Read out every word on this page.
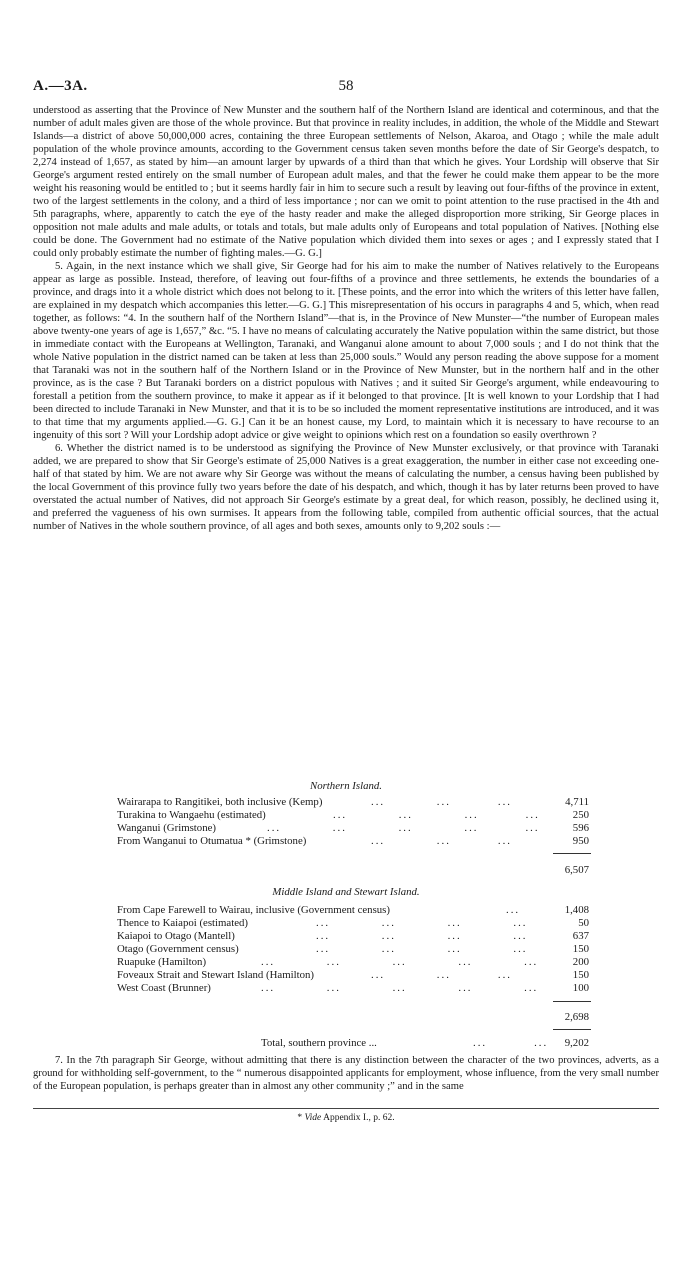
A.—3A.	58

understood as asserting that the Province of New Munster and the southern half of the Northern Island are identical and coterminous, and that the number of adult males given are those of the whole province. But that province in reality includes, in addition, the whole of the Middle and Stewart Islands—a district of above 50,000,000 acres, containing the three European settlements of Nelson, Akaroa, and Otago ; while the male adult population of the whole province amounts, according to the Government census taken seven months before the date of Sir George's despatch, to 2,274 instead of 1,657, as stated by him—an amount larger by upwards of a third than that which he gives. Your Lordship will observe that Sir George's argument rested entirely on the small number of European adult males, and that the fewer he could make them appear to be the more weight his reasoning would be entitled to ; but it seems hardly fair in him to secure such a result by leaving out four-fifths of the province in extent, two of the largest settlements in the colony, and a third of less importance ; nor can we omit to point attention to the ruse practised in the 4th and 5th paragraphs, where, apparently to catch the eye of the hasty reader and make the alleged disproportion more striking, Sir George places in opposition not male adults and male adults, or totals and totals, but male adults only of Europeans and total population of Natives. [Nothing else could be done. The Government had no estimate of the Native population which divided them into sexes or ages ; and I expressly stated that I could only probably estimate the number of fighting males.—G. G.]

5. Again, in the next instance which we shall give, Sir George had for his aim to make the number of Natives relatively to the Europeans appear as large as possible. Instead, therefore, of leaving out four-fifths of a province and three settlements, he extends the boundaries of a province, and drags into it a whole district which does not belong to it. [These points, and the error into which the writers of this letter have fallen, are explained in my despatch which accompanies this letter.—G. G.] This misrepresentation of his occurs in paragraphs 4 and 5, which, when read together, as follows: “4. In the southern half of the Northern Island”—that is, in the Province of New Munster—“the number of European males above twenty-one years of age is 1,657,” &c. “5. I have no means of calculating accurately the Native population within the same district, but those in immediate contact with the Europeans at Wellington, Taranaki, and Wanganui alone amount to about 7,000 souls ; and I do not think that the whole Native population in the district named can be taken at less than 25,000 souls.” Would any person reading the above suppose for a moment that Taranaki was not in the southern half of the Northern Island or in the Province of New Munster, but in the northern half and in the other province, as is the case ? But Taranaki borders on a district populous with Natives ; and it suited Sir George's argument, while endeavouring to forestall a petition from the southern province, to make it appear as if it belonged to that province. [It is well known to your Lordship that I had been directed to include Taranaki in New Munster, and that it is to be so included the moment representative institutions are introduced, and it was to that time that my arguments applied.—G. G.] Can it be an honest cause, my Lord, to maintain which it is necessary to have recourse to an ingenuity of this sort ? Will your Lordship adopt advice or give weight to opinions which rest on a foundation so easily overthrown ?

6. Whether the district named is to be understood as signifying the Province of New Munster exclusively, or that province with Taranaki added, we are prepared to show that Sir George's estimate of 25,000 Natives is a great exaggeration, the number in either case not exceeding one-half of that stated by him. We are not aware why Sir George was without the means of calculating the number, a census having been published by the local Government of this province fully two years before the date of his despatch, and which, though it has by later returns been proved to have overstated the actual number of Natives, did not approach Sir George's estimate by a great deal, for which reason, possibly, he declined using it, and preferred the vagueness of his own surmises. It appears from the following table, compiled from authentic official sources, that the actual number of Natives in the whole southern province, of all ages and both sexes, amounts only to 9,202 souls :—

Northern Island.
Wairarapa to Rangitikei, both inclusive (Kemp)	...           ...          ...	4,711
Turakina to Wangaehu (estimated)	...           ...           ...          ...	250
Wanganui (Grimstone)	...           ...           ...           ...          ...	596
From Wanganui to Otumatua * (Grimstone)	...           ...          ...	950
6,507
Middle Island and Stewart Island.
From Cape Farewell to Wairau, inclusive (Government census)	...	1,408
Thence to Kaiapoi (estimated)	...           ...           ...           ...	50
Kaiapoi to Otago (Mantell)	...           ...           ...           ...	637
Otago (Government census)	...           ...           ...           ...	150
Ruapuke (Hamilton)	...           ...           ...           ...           ...	200
Foveaux Strait and Stewart Island (Hamilton)	...           ...          ...	150
West Coast (Brunner)	...           ...           ...           ...           ...	100
2,698
Total, southern province ...	...          ...	9,202

7. In the 7th paragraph Sir George, without admitting that there is any distinction between the character of the two provinces, adverts, as a ground for withholding self-government, to the “ numerous disappointed applicants for employment, whose influence, from the very small number of the European population, is perhaps greater than in almost any other community ;” and in the same

* Vide Appendix I., p. 62.
